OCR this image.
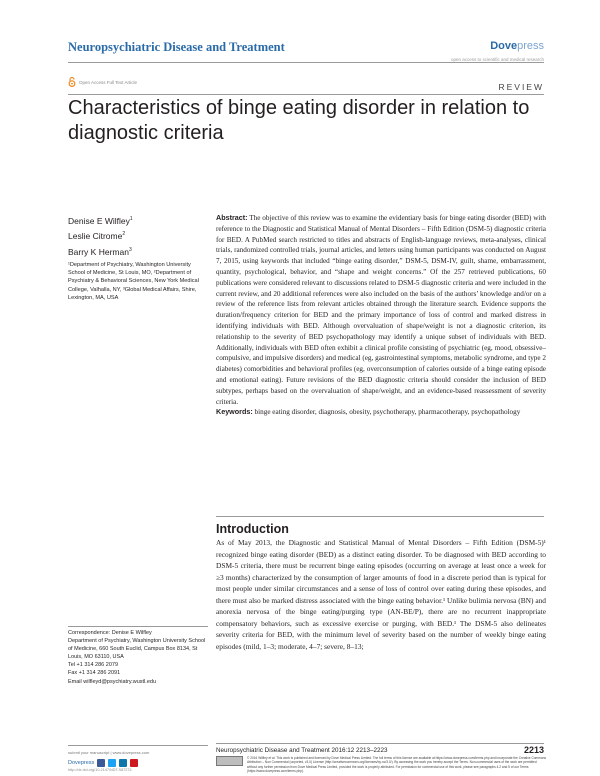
Neuropsychiatric Disease and Treatment	Dovepress
open access to scientific and medical research
Open Access Full Text Article	REVIEW
Characteristics of binge eating disorder in relation to diagnostic criteria
Denise E Wilfley$^1$
Leslie Citrome$^2$
Barry K Herman$^3$
¹Department of Psychiatry, Washington University School of Medicine, St Louis, MO, ²Department of Psychiatry & Behavioral Sciences, New York Medical College, Valhalla, NY, ³Global Medical Affairs, Shire, Lexington, MA, USA

Abstract: The objective of this review was to examine the evidentiary basis for binge eating disorder (BED) with reference to the Diagnostic and Statistical Manual of Mental Disorders – Fifth Edition (DSM-5) diagnostic criteria for BED. A PubMed search restricted to titles and abstracts of English-language reviews, meta-analyses, clinical trials, randomized controlled trials, journal articles, and letters using human participants was conducted on August 7, 2015, using keywords that included “binge eating disorder,” DSM-5, DSM-IV, guilt, shame, embarrassment, quantity, psychological, behavior, and “shape and weight concerns.” Of the 257 retrieved publications, 60 publications were considered relevant to discussions related to DSM-5 diagnostic criteria and were included in the current review, and 20 additional references were also included on the basis of the authors’ knowledge and/or on a review of the reference lists from relevant articles obtained through the literature search. Evidence supports the duration/frequency criterion for BED and the primary importance of loss of control and marked distress in identifying individuals with BED. Although overvaluation of shape/weight is not a diagnostic criterion, its relationship to the severity of BED psychopathology may identify a unique subset of individuals with BED. Additionally, individuals with BED often exhibit a clinical profile consisting of psychiatric (eg, mood, obsessive–compulsive, and impulsive disorders) and medical (eg, gastrointestinal symptoms, metabolic syndrome, and type 2 diabetes) comorbidities and behavioral profiles (eg, overconsumption of calories outside of a binge eating episode and emotional eating). Future revisions of the BED diagnostic criteria should consider the inclusion of BED subtypes, perhaps based on the overvaluation of shape/weight, and an evidence-based reassessment of severity criteria.

Keywords: binge eating disorder, diagnosis, obesity, psychotherapy, pharmacotherapy, psychopathology

Introduction

As of May 2013, the Diagnostic and Statistical Manual of Mental Disorders – Fifth Edition (DSM-5)¹ recognized binge eating disorder (BED) as a distinct eating disorder. To be diagnosed with BED according to DSM-5 criteria, there must be recurrent binge eating episodes (occurring on average at least once a week for ≥3 months) characterized by the consumption of larger amounts of food in a discrete period than is typical for most people under similar circumstances and a sense of loss of control over eating during these episodes, and there must also be marked distress associated with the binge eating behavior.¹ Unlike bulimia nervosa (BN) and anorexia nervosa of the binge eating/purging type (AN-BE/P), there are no recurrent inappropriate compensatory behaviors, such as excessive exercise or purging, with BED.¹ The DSM-5 also delineates severity criteria for BED, with the minimum level of severity based on the number of weekly binge eating episodes (mild, 1–3; moderate, 4–7; severe, 8–13;

Correspondence: Denise E Wilfley
Department of Psychiatry, Washington University School of Medicine, 660 South Euclid, Campus Box 8134, St Louis, MO 63110, USA
Tel +1 314 286 2079
Fax +1 314 286 2091
Email wilfleyd@psychiatry.wustl.edu
submit your manuscript | www.dovepress.com
Dovepress
http://dx.doi.org/10.2147/NDT.S87273
Neuropsychiatric Disease and Treatment 2016:12 2213–2223	2213
© 2016 Wilfley et al. This work is published and licensed by Dove Medical Press Limited. The full terms of this license are available at https://www.dovepress.com/terms.php and incorporate the Creative Commons Attribution – Non Commercial (unported, v3.0) License (http://creativecommons.org/licenses/by-nc/3.0/). By accessing the work you hereby accept the Terms. Non-commercial uses of the work are permitted without any further permission from Dove Medical Press Limited, provided the work is properly attributed. For permission for commercial use of this work, please see paragraphs 4.2 and 5 of our Terms (https://www.dovepress.com/terms.php).
